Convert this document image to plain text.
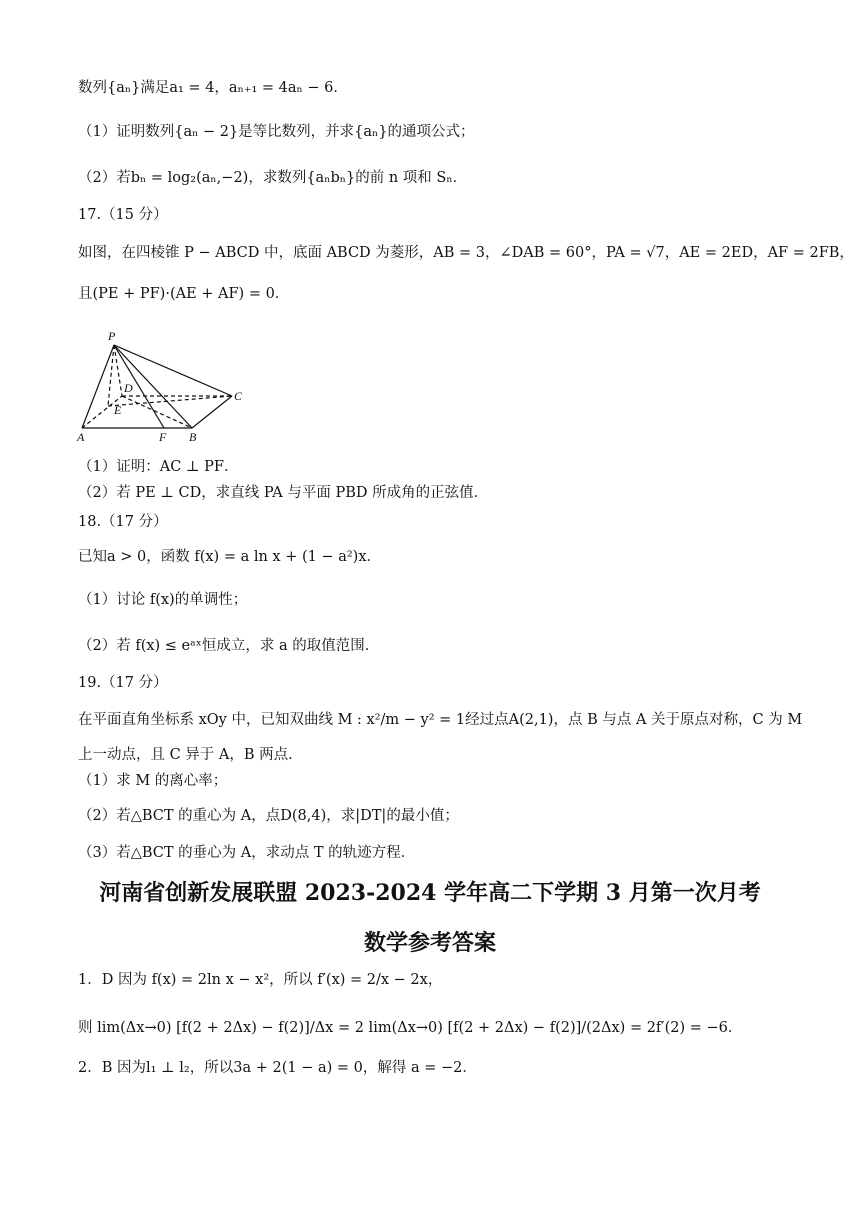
数列{aₙ}满足a₁ = 4，aₙ₊₁ = 4aₙ − 6．
（1）证明数列{aₙ − 2}是等比数列，并求{aₙ}的通项公式；
（2）若bₙ = log₂(aₙ,−2)，求数列{aₙbₙ}的前 n 项和 Sₙ．
17.（15 分）
如图，在四棱锥 P − ABCD 中，底面 ABCD 为菱形，AB = 3，∠DAB = 60°，PA = √7，AE = 2ED，AF = 2FB，
且(PE + PF)·(AE + AF) = 0．
P
D
E
C
A	F B
（1）证明：AC ⊥ PF．
（2）若 PE ⊥ CD，求直线 PA 与平面 PBD 所成角的正弦值．
18.（17 分）
已知a > 0，函数 f(x) = a ln x + (1 − a²)x．
（1）讨论 f(x)的单调性；
（2）若 f(x) ≤ eᵃˣ恒成立，求 a 的取值范围．
19.（17 分）
在平面直角坐标系 xOy 中，已知双曲线 M : x²/m − y² = 1经过点A(2,1)，点 B 与点 A 关于原点对称，C 为 M
上一动点，且 C 异于 A，B 两点．
（1）求 M 的离心率；
（2）若△BCT 的重心为 A，点D(8,4)，求|DT|的最小值；
（3）若△BCT 的垂心为 A，求动点 T 的轨迹方程．
河南省创新发展联盟 2023-2024 学年高二下学期 3 月第一次月考
数学参考答案
1．D 因为 f(x) = 2ln x − x²，所以 f′(x) = 2/x − 2x，
则 lim(Δx→0) [f(2 + 2Δx) − f(2)]/Δx = 2 lim(Δx→0) [f(2 + 2Δx) − f(2)]/(2Δx) = 2f′(2) = −6．
2．B 因为l₁ ⊥ l₂，所以3a + 2(1 − a) = 0，解得 a = −2．
